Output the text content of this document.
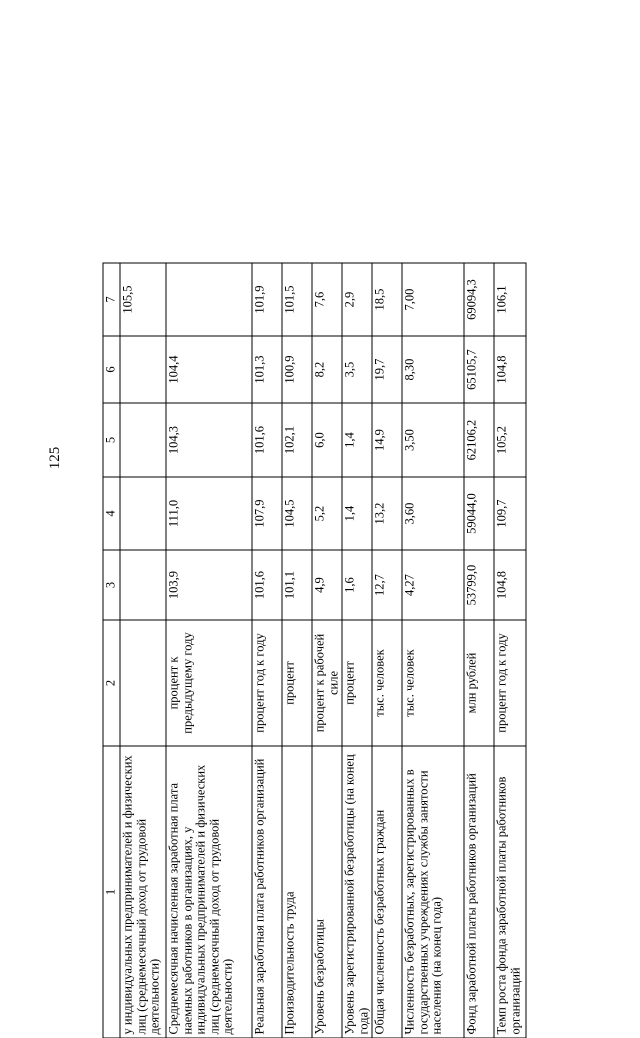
125
1	2	3	4	5	6	7
у индивидуальных предпринимателей и физических лиц (среднемесячный доход от трудовой деятельности)						105,5
Среднемесячная начисленная заработная плата наемных работников в организациях, у индивидуальных предпринимателей и физических лиц (среднемесячный доход от трудовой деятельности)	процент к предыдущему году	103,9	111,0	104,3	104,4	
Реальная заработная плата работников организаций	процент год к году	101,6	107,9	101,6	101,3	101,9
Производительность труда	процент	101,1	104,5	102,1	100,9	101,5
Уровень безработицы	процент к рабочей силе	4,9	5,2	6,0	8,2	7,6
Уровень зарегистрированной безработицы (на конец года)	процент	1,6	1,4	1,4	3,5	2,9
Общая численность безработных граждан	тыс. человек	12,7	13,2	14,9	19,7	18,5
Численность безработных, зарегистрированных в государственных учреждениях службы занятости населения (на конец года)	тыс. человек	4,27	3,60	3,50	8,30	7,00
Фонд заработной платы работников организаций	млн рублей	53799,0	59044,0	62106,2	65105,7	69094,3
Темп роста фонда заработной платы работников организаций	процент год к году	104,8	109,7	105,2	104,8	106,1
